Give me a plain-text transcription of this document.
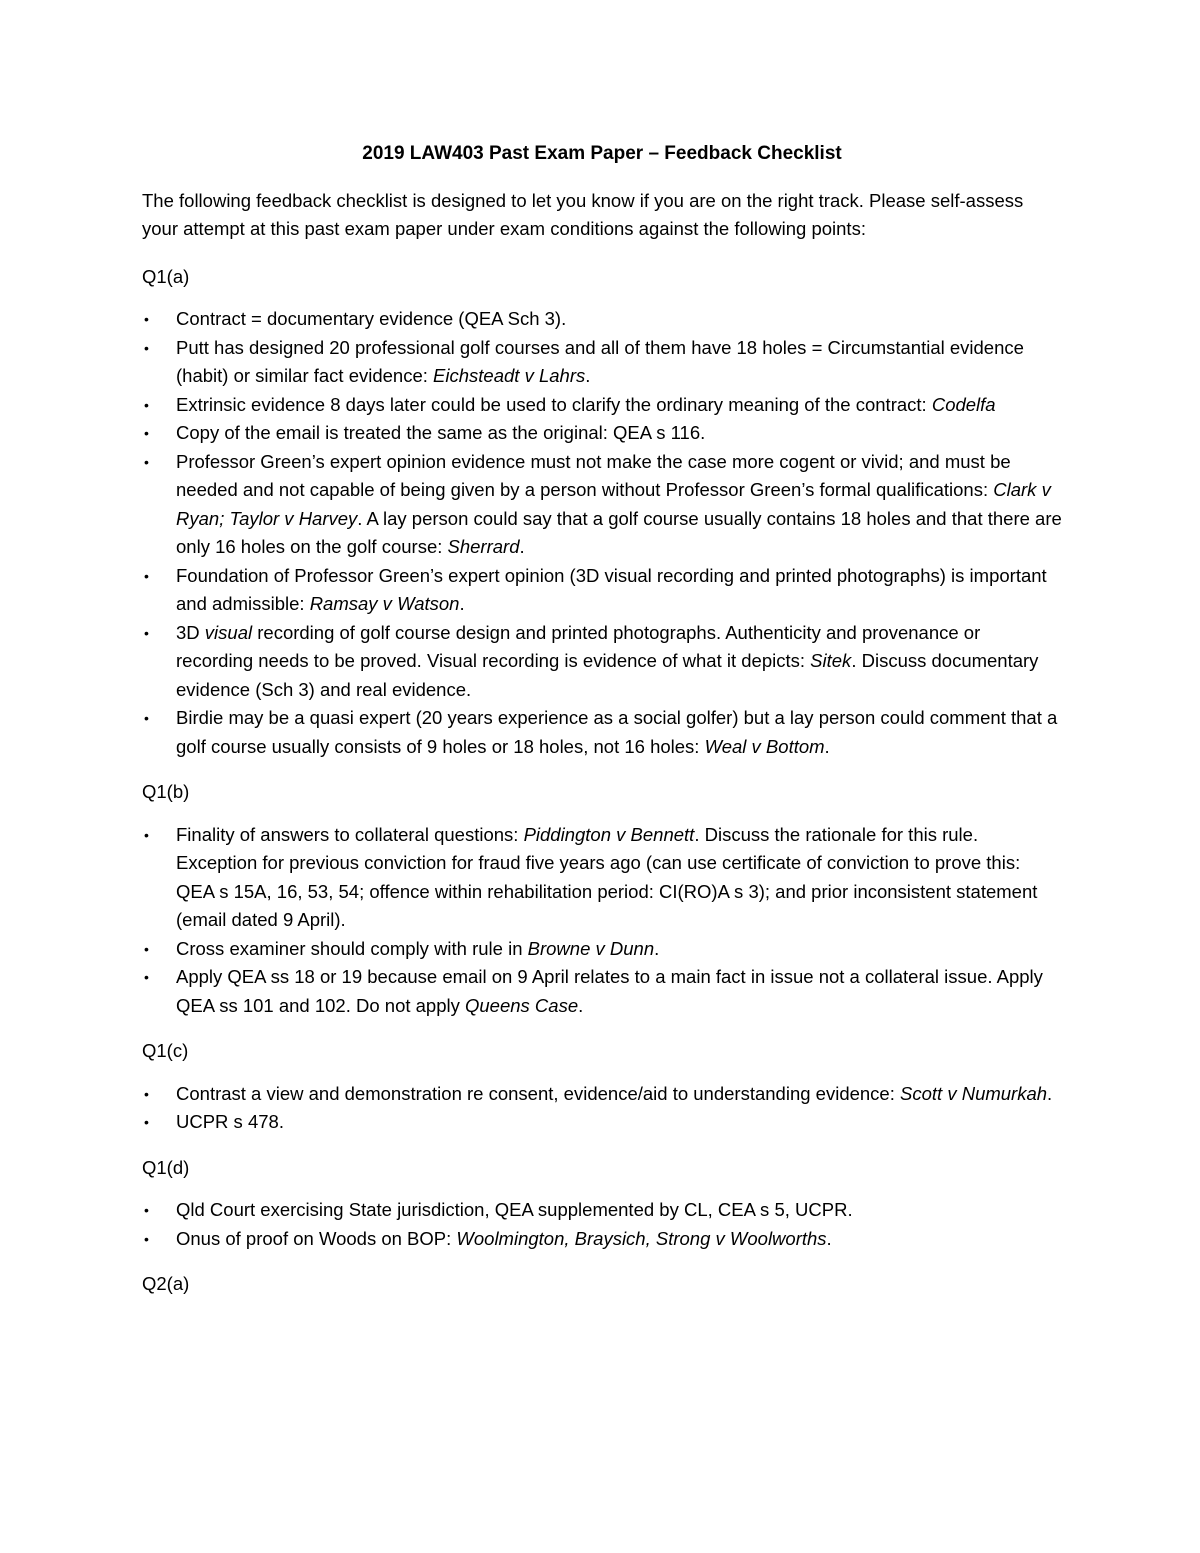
2019 LAW403 Past Exam Paper – Feedback Checklist
The following feedback checklist is designed to let you know if you are on the right track. Please self-assess your attempt at this past exam paper under exam conditions against the following points:
Q1(a)
• Contract = documentary evidence (QEA Sch 3).
• Putt has designed 20 professional golf courses and all of them have 18 holes = Circumstantial evidence (habit) or similar fact evidence: Eichsteadt v Lahrs.
• Extrinsic evidence 8 days later could be used to clarify the ordinary meaning of the contract: Codelfa
• Copy of the email is treated the same as the original: QEA s 116.
• Professor Green’s expert opinion evidence must not make the case more cogent or vivid; and must be needed and not capable of being given by a person without Professor Green’s formal qualifications: Clark v Ryan; Taylor v Harvey. A lay person could say that a golf course usually contains 18 holes and that there are only 16 holes on the golf course: Sherrard.
• Foundation of Professor Green’s expert opinion (3D visual recording and printed photographs) is important and admissible: Ramsay v Watson.
• 3D visual recording of golf course design and printed photographs. Authenticity and provenance or recording needs to be proved. Visual recording is evidence of what it depicts: Sitek. Discuss documentary evidence (Sch 3) and real evidence.
• Birdie may be a quasi expert (20 years experience as a social golfer) but a lay person could comment that a golf course usually consists of 9 holes or 18 holes, not 16 holes: Weal v Bottom.
Q1(b)
• Finality of answers to collateral questions: Piddington v Bennett. Discuss the rationale for this rule. Exception for previous conviction for fraud five years ago (can use certificate of conviction to prove this: QEA s 15A, 16, 53, 54; offence within rehabilitation period: CI(RO)A s 3); and prior inconsistent statement (email dated 9 April).
• Cross examiner should comply with rule in Browne v Dunn.
• Apply QEA ss 18 or 19 because email on 9 April relates to a main fact in issue not a collateral issue. Apply QEA ss 101 and 102. Do not apply Queens Case.
Q1(c)
• Contrast a view and demonstration re consent, evidence/aid to understanding evidence: Scott v Numurkah.
• UCPR s 478.
Q1(d)
• Qld Court exercising State jurisdiction, QEA supplemented by CL, CEA s 5, UCPR.
• Onus of proof on Woods on BOP: Woolmington, Braysich, Strong v Woolworths.
Q2(a)
